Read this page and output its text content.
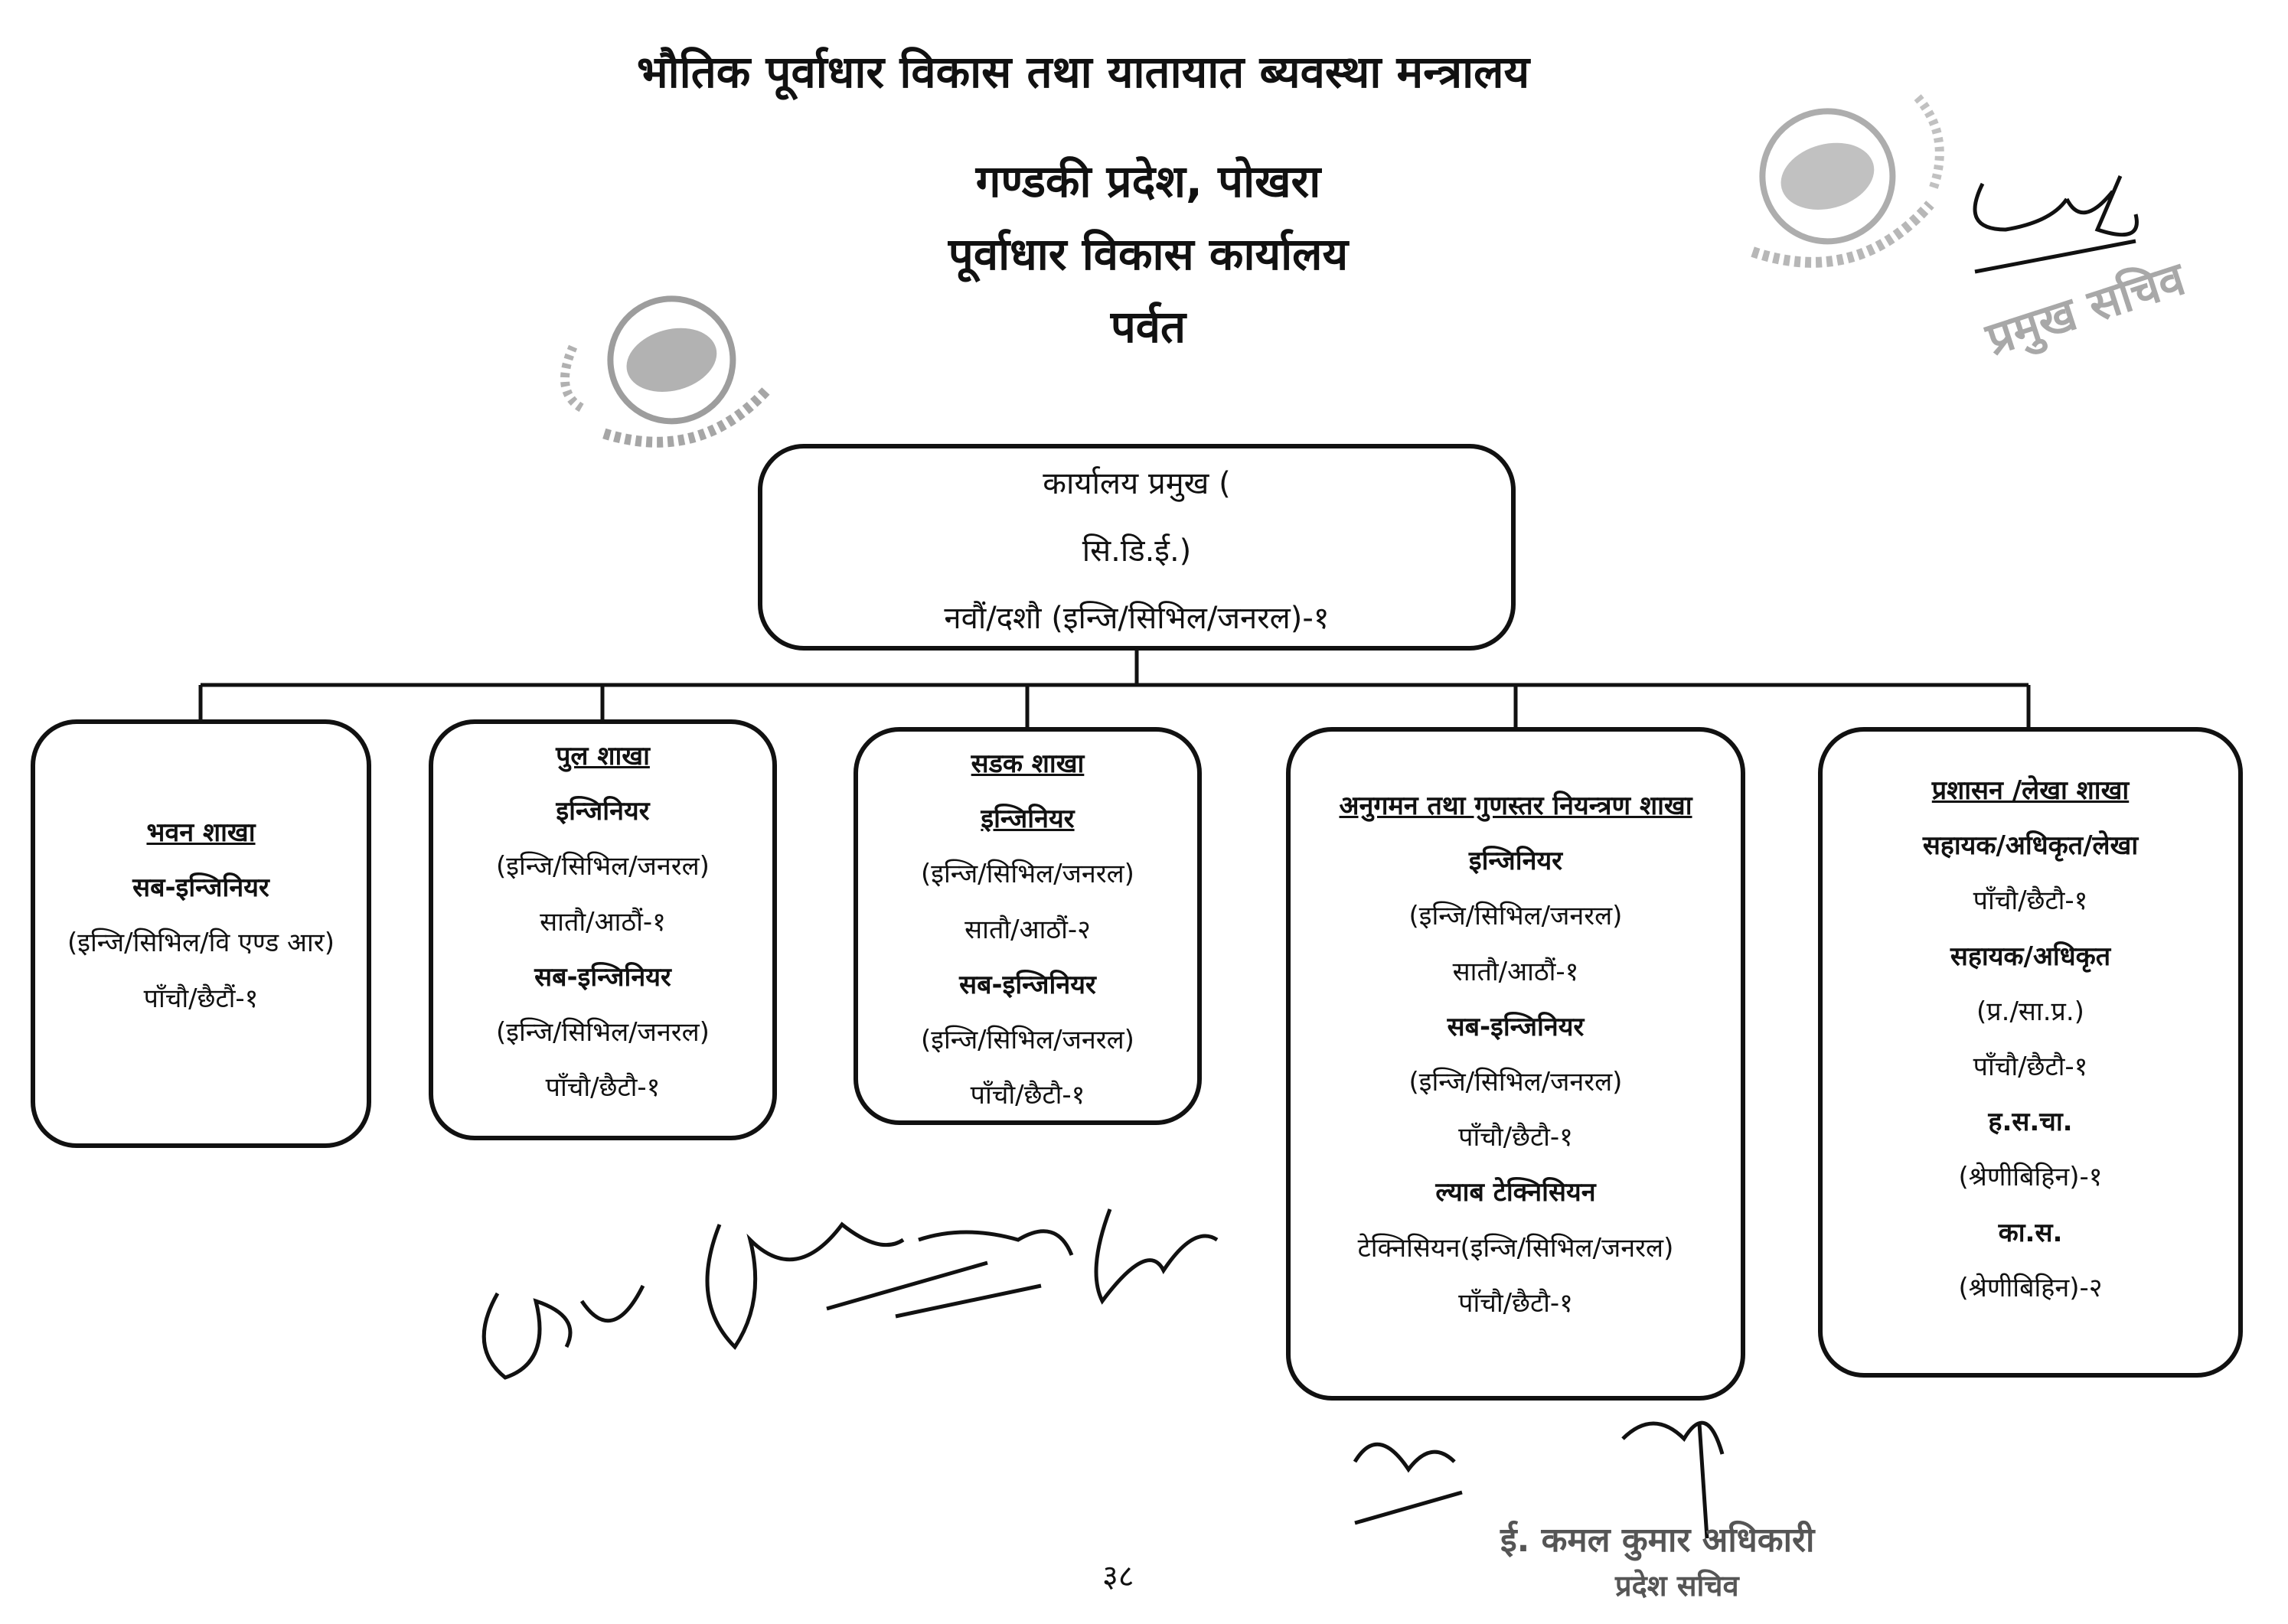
भौतिक पूर्वाधार विकास तथा यातायात ब्यवस्था मन्त्रालय
गण्डकी प्रदेश, पोखरा
पूर्वाधार विकास कार्यालय
पर्वत	प्रमुख सचिव
कार्यालय प्रमुख (
सि.डि.ई.)
नवौं/दशौ (इन्जि/सिभिल/जनरल)-१
भवन शाखा
सब-इन्जिनियर
(इन्जि/सिभिल/वि एण्ड आर)
पाँचौ/छैटौं-१
पुल शाखा
इन्जिनियर
(इन्जि/सिभिल/जनरल)
सातौ/आठौं-१
सब-इन्जिनियर
(इन्जि/सिभिल/जनरल)
पाँचौ/छैटौ-१
सडक शाखा
इन्जिनियर
(इन्जि/सिभिल/जनरल)
सातौ/आठौं-२
सब-इन्जिनियर
(इन्जि/सिभिल/जनरल)
पाँचौ/छैटौ-१
अनुगमन तथा गुणस्तर नियन्त्रण शाखा
इन्जिनियर
(इन्जि/सिभिल/जनरल)
सातौ/आठौं-१
सब-इन्जिनियर
(इन्जि/सिभिल/जनरल)
पाँचौ/छैटौ-१
ल्याब टेक्निसियन
टेक्निसियन(इन्जि/सिभिल/जनरल)
पाँचौ/छैटौ-१
प्रशासन /लेखा शाखा
सहायक/अधिकृत/लेखा
पाँचौ/छैटौ-१
सहायक/अधिकृत
(प्र./सा.प्र.)
पाँचौ/छैटौ-१
ह.स.चा.
(श्रेणीबिहिन)-१
का.स.
(श्रेणीबिहिन)-२
ई. कमल कुमार अधिकारी
प्रदेश सचिव
३८
